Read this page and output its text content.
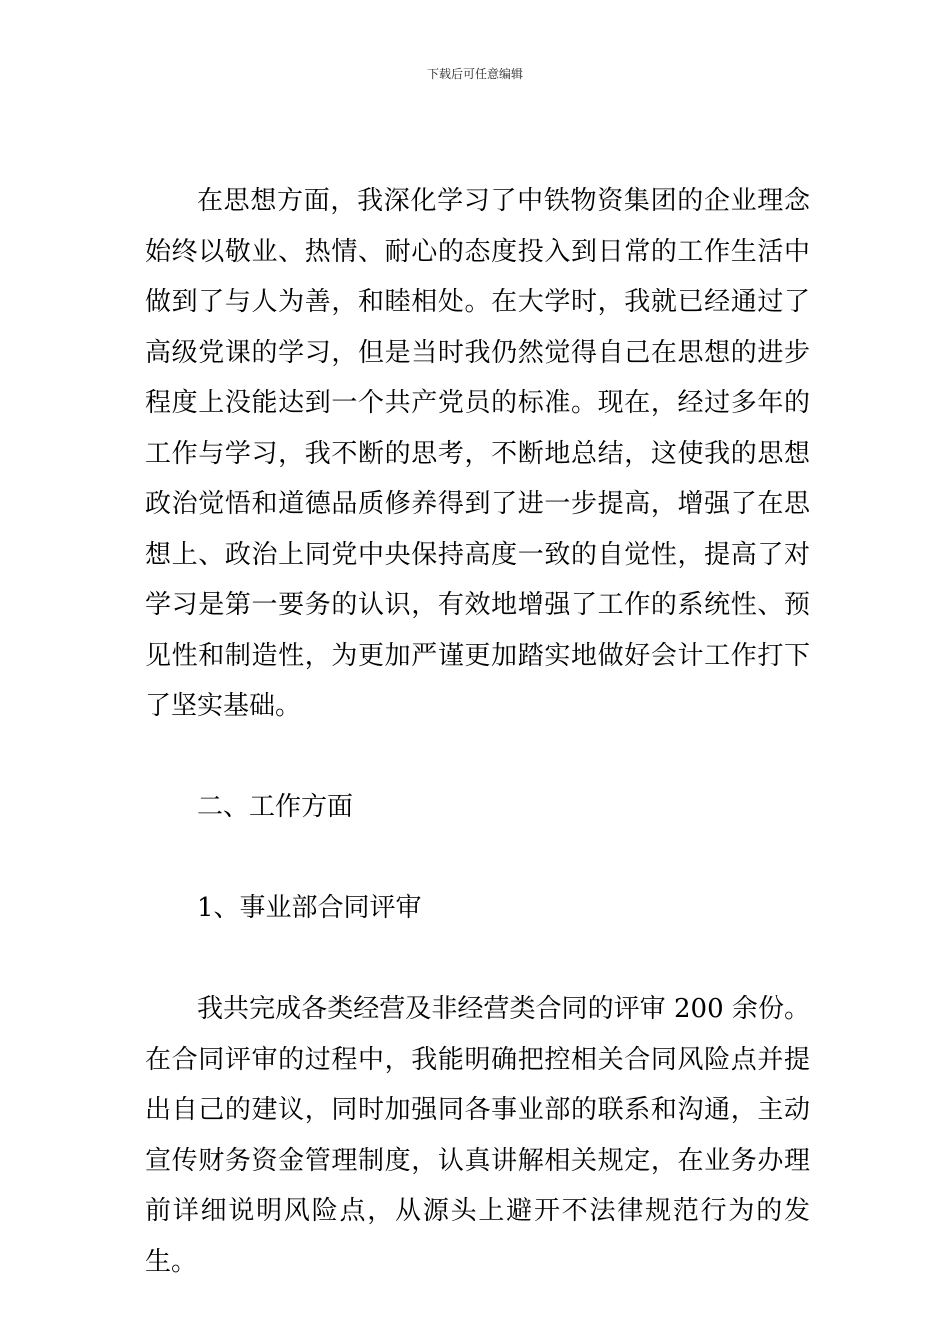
下载后可任意编辑

在思想方面，我深化学习了中铁物资集团的企业理念始终以敬业、热情、耐心的态度投入到日常的工作生活中做到了与人为善，和睦相处。在大学时，我就已经通过了高级党课的学习，但是当时我仍然觉得自己在思想的进步程度上没能达到一个共产党员的标准。现在，经过多年的工作与学习，我不断的思考，不断地总结，这使我的思想政治觉悟和道德品质修养得到了进一步提高，增强了在思想上、政治上同党中央保持高度一致的自觉性，提高了对学习是第一要务的认识，有效地增强了工作的系统性、预见性和制造性，为更加严谨更加踏实地做好会计工作打下了坚实基础。

二、工作方面

1、事业部合同评审

我共完成各类经营及非经营类合同的评审 200 余份。在合同评审的过程中，我能明确把控相关合同风险点并提出自己的建议，同时加强同各事业部的联系和沟通，主动宣传财务资金管理制度，认真讲解相关规定，在业务办理前详细说明风险点，从源头上避开不法律规范行为的发生。
